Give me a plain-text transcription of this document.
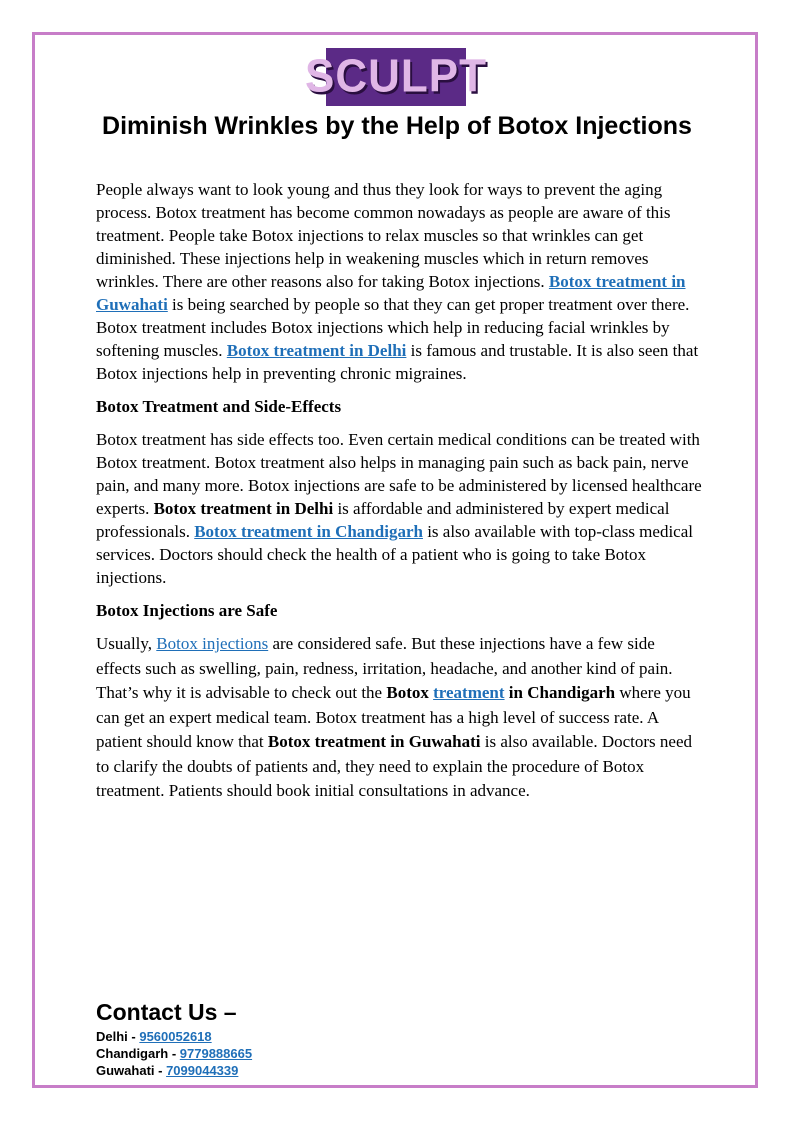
SCULPT
Diminish Wrinkles by the Help of Botox Injections

People always want to look young and thus they look for ways to prevent the aging process. Botox treatment has become common nowadays as people are aware of this treatment. People take Botox injections to relax muscles so that wrinkles can get diminished. These injections help in weakening muscles which in return removes wrinkles. There are other reasons also for taking Botox injections. Botox treatment in Guwahati is being searched by people so that they can get proper treatment over there. Botox treatment includes Botox injections which help in reducing facial wrinkles by softening muscles. Botox treatment in Delhi is famous and trustable. It is also seen that Botox injections help in preventing chronic migraines.

Botox Treatment and Side-Effects

Botox treatment has side effects too. Even certain medical conditions can be treated with Botox treatment. Botox treatment also helps in managing pain such as back pain, nerve pain, and many more. Botox injections are safe to be administered by licensed healthcare experts. Botox treatment in Delhi is affordable and administered by expert medical professionals. Botox treatment in Chandigarh is also available with top-class medical services. Doctors should check the health of a patient who is going to take Botox injections.

Botox Injections are Safe

Usually, Botox injections are considered safe. But these injections have a few side effects such as swelling, pain, redness, irritation, headache, and another kind of pain. That’s why it is advisable to check out the Botox treatment in Chandigarh where you can get an expert medical team. Botox treatment has a high level of success rate. A patient should know that Botox treatment in Guwahati is also available. Doctors need to clarify the doubts of patients and, they need to explain the procedure of Botox treatment. Patients should book initial consultations in advance.

Contact Us –
Delhi - 9560052618
Chandigarh - 9779888665
Guwahati - 7099044339
